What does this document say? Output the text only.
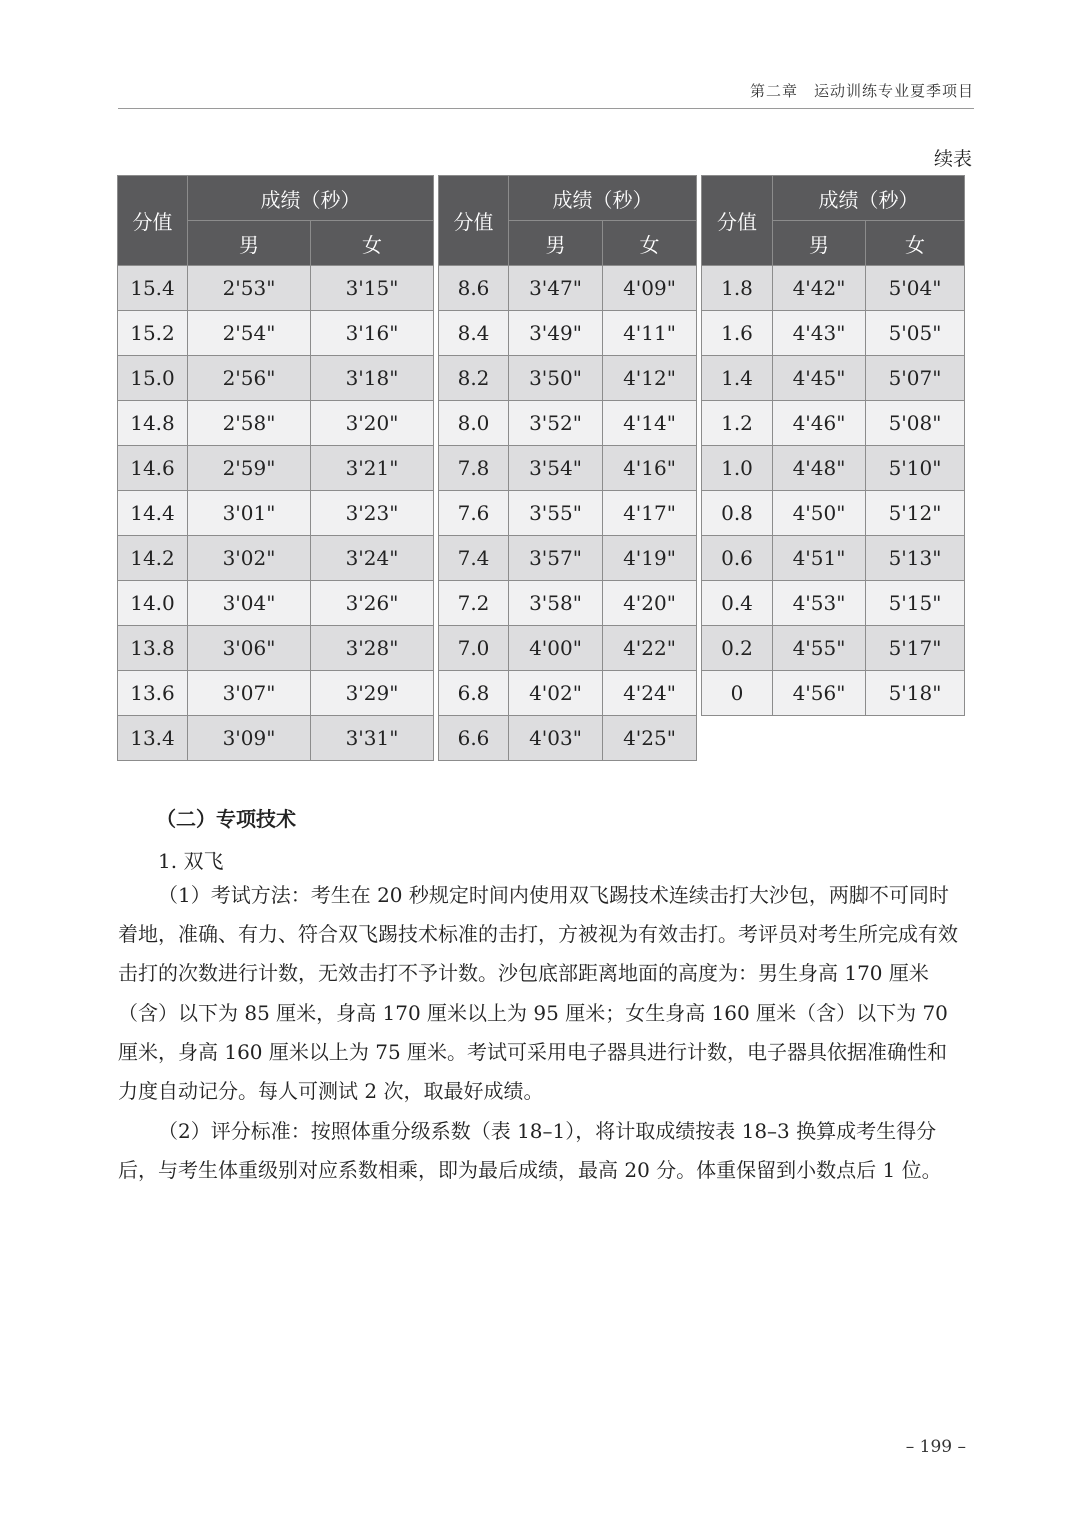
第二章　运动训练专业夏季项目
续表
分值	成绩（秒）	
	男	女
15.4	2'53"	3'15"
15.2	2'54"	3'16"
15.0	2'56"	3'18"
14.8	2'58"	3'20"
14.6	2'59"	3'21"
14.4	3'01"	3'23"
14.2	3'02"	3'24"
14.0	3'04"	3'26"
13.8	3'06"	3'28"
13.6	3'07"	3'29"
13.4	3'09"	3'31"
分值	成绩（秒）	
	男	女
8.6	3'47"	4'09"
8.4	3'49"	4'11"
8.2	3'50"	4'12"
8.0	3'52"	4'14"
7.8	3'54"	4'16"
7.6	3'55"	4'17"
7.4	3'57"	4'19"
7.2	3'58"	4'20"
7.0	4'00"	4'22"
6.8	4'02"	4'24"
6.6	4'03"	4'25"
分值	成绩（秒）	
	男	女
1.8	4'42"	5'04"
1.6	4'43"	5'05"
1.4	4'45"	5'07"
1.2	4'46"	5'08"
1.0	4'48"	5'10"
0.8	4'50"	5'12"
0.6	4'51"	5'13"
0.4	4'53"	5'15"
0.2	4'55"	5'17"
0	4'56"	5'18"
（二）专项技术
1. 双飞

（1）考试方法：考生在 20 秒规定时间内使用双飞踢技术连续击打大沙包，两脚不可同时着地，准确、有力、符合双飞踢技术标准的击打，方被视为有效击打。考评员对考生所完成有效击打的次数进行计数，无效击打不予计数。沙包底部距离地面的高度为：男生身高 170 厘米（含）以下为 85 厘米，身高 170 厘米以上为 95 厘米；女生身高 160 厘米（含）以下为 70 厘米，身高 160 厘米以上为 75 厘米。考试可采用电子器具进行计数，电子器具依据准确性和力度自动记分。每人可测试 2 次，取最好成绩。

（2）评分标准：按照体重分级系数（表 18–1），将计取成绩按表 18–3 换算成考生得分后，与考生体重级别对应系数相乘，即为最后成绩，最高 20 分。体重保留到小数点后 1 位。

– 199 –
